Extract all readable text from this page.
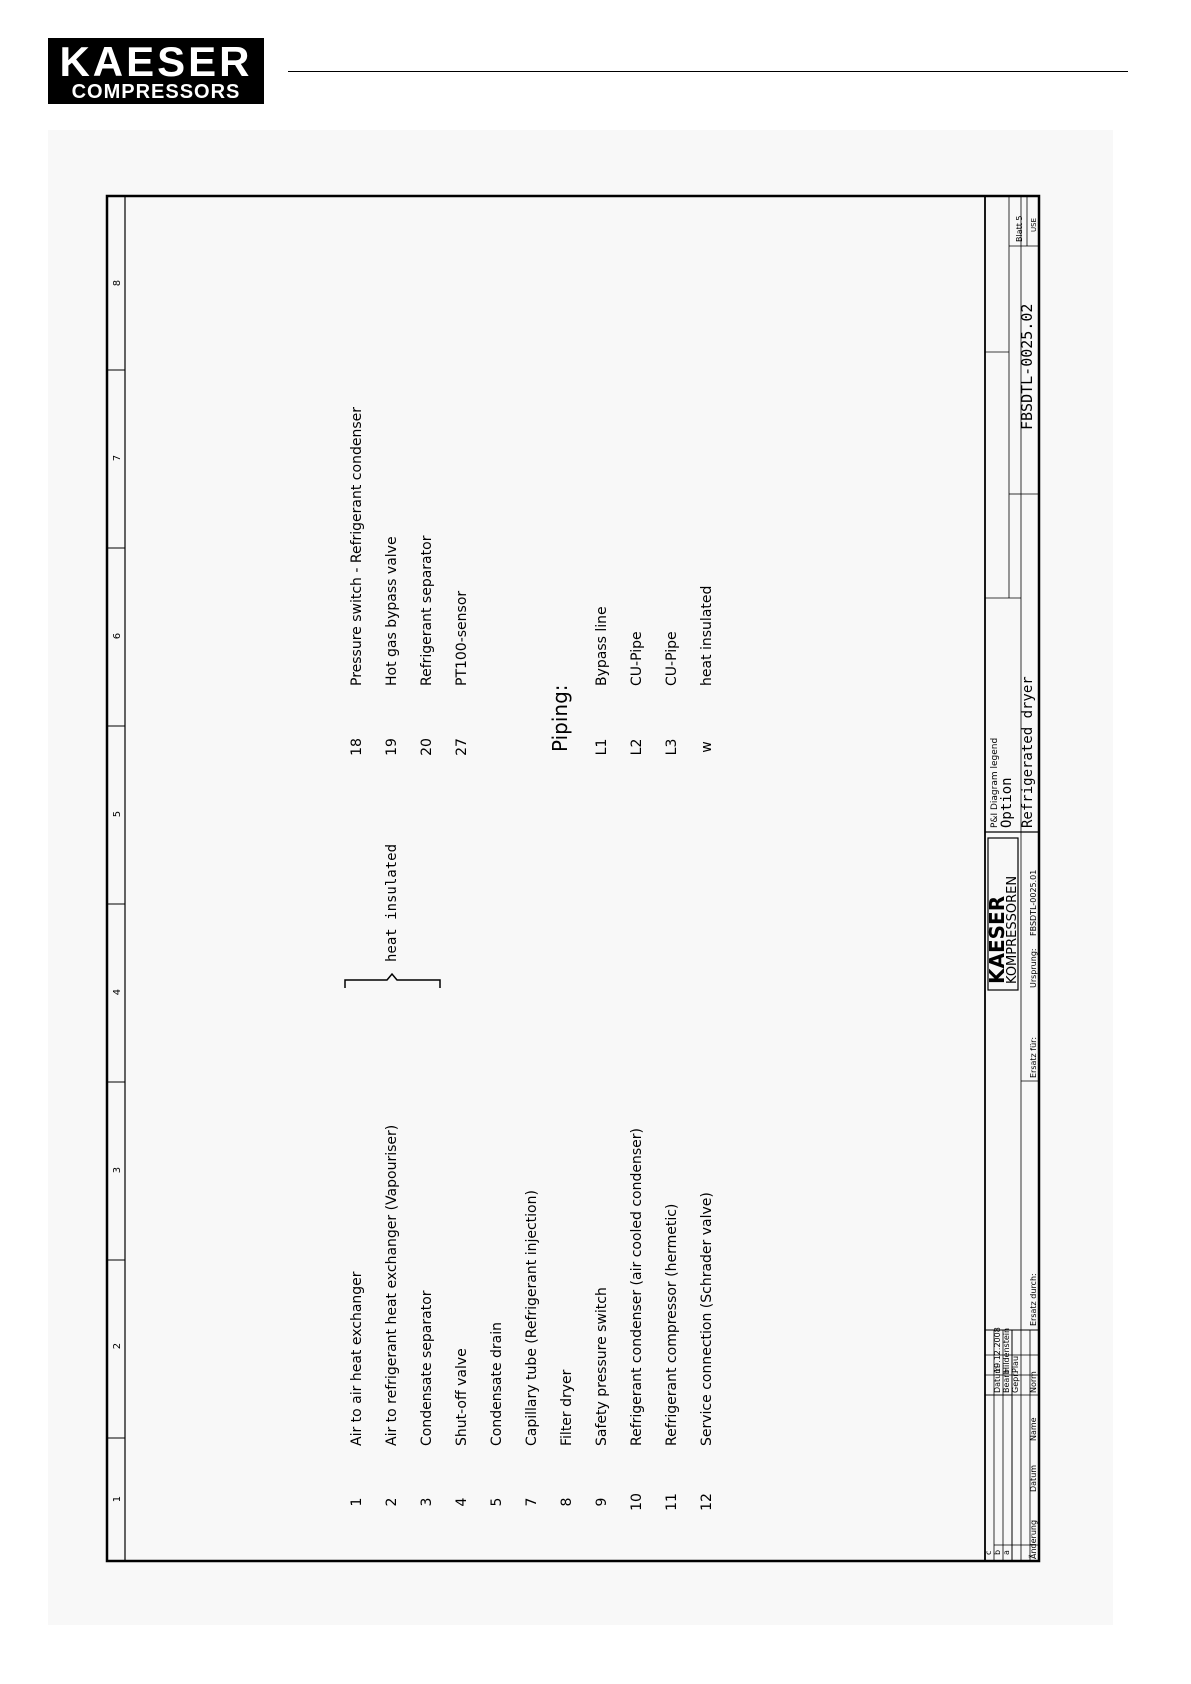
KAESER
COMPRESSORS
1
2
3
4
5
6
7
8
1 2 3 4 5 7 8 9 10 11 12
Air to air heat exchanger Air to refrigerant heat exchanger (Vapouriser) Condensate separator Shut-off valve Condensate drain Capillary tube (Refrigerant injection) Filter dryer Safety pressure switch Refrigerant condenser (air cooled condenser) Refrigerant compressor (hermetic) Service connection (Schrader valve)
heat insulated
18 19 20 27
Pressure switch - Refrigerant condenser Hot gas bypass valve Refrigerant separator PT100-sensor
Piping: L1 L2 L3 w
Bypass line CU-Pipe CU-Pipe heat insulated
c b a Änderung
Datum
Name
Datum
19.12.2008
Bearb.
Hildenstein
Gepr.
Plau
Norm
Ersatz durch:
Ersatz für:
Ursprung:
FBSDTL-0025.01
KAESER
KOMPRESSOREN
P&I Diagram legend Option Refrigerated dryer
FBSDTL-0025.02
Blatt 5 USE
